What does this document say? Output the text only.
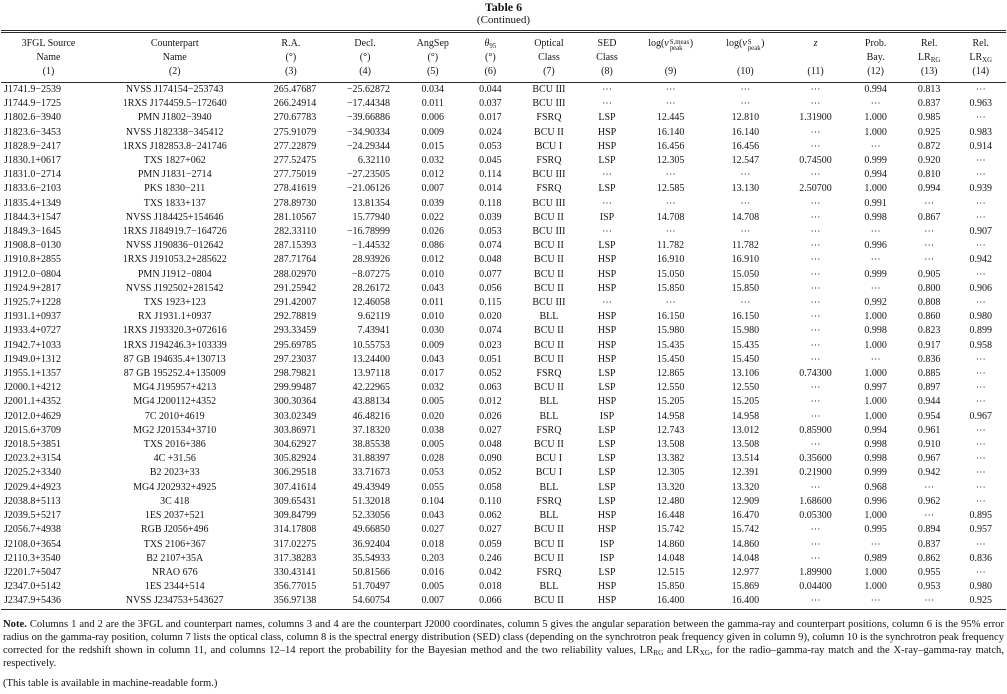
Table 6
(Continued)
3FGL Source
Name
(1)	Counterpart
Name
(2)	R.A.
(°)
(3)	Decl.
(°)
(4)	AngSep
(°)
(5)	$\theta_{95}$
(°)
(6)	Optical
Class
(7)	SED
Class
(8)	log(ν S,meas
peak )
(9)	log(ν S
peak )
(10)	z
(11)	Prob.
Bay.
(12)	Rel.
$LR_{RG}$
(13)	Rel.
$LR_{XG}$
(14)

J1741.9−2539	NVSS J174154−253743	265.47687	−25.62872	0.034	0.044	BCU III	⋯	⋯	⋯	⋯	0.994	0.813	⋯
J1744.9−1725	1RXS J174459.5−172640	266.24914	−17.44348	0.011	0.037	BCU III	⋯	⋯	⋯	⋯	⋯	0.837	0.963
J1802.6−3940	PMN J1802−3940	270.67783	−39.66886	0.006	0.017	FSRQ	LSP	12.445	12.810	1.31900	1.000	0.985	⋯
J1823.6−3453	NVSS J182338−345412	275.91079	−34.90334	0.009	0.024	BCU II	HSP	16.140	16.140	⋯	1.000	0.925	0.983
J1828.9−2417	1RXS J182853.8−241746	277.22879	−24.29344	0.015	0.053	BCU I	HSP	16.456	16.456	⋯	⋯	0.872	0.914
J1830.1+0617	TXS 1827+062	277.52475	6.32110	0.032	0.045	FSRQ	LSP	12.305	12.547	0.74500	0.999	0.920	⋯
J1831.0−2714	PMN J1831−2714	277.75019	−27.23505	0.012	0.114	BCU III	⋯	⋯	⋯	⋯	0.994	0.810	⋯
J1833.6−2103	PKS 1830−211	278.41619	−21.06126	0.007	0.014	FSRQ	LSP	12.585	13.130	2.50700	1.000	0.994	0.939
J1835.4+1349	TXS 1833+137	278.89730	13.81354	0.039	0.118	BCU III	⋯	⋯	⋯	⋯	0.991	⋯	⋯
J1844.3+1547	NVSS J184425+154646	281.10567	15.77940	0.022	0.039	BCU II	ISP	14.708	14.708	⋯	0.998	0.867	⋯
J1849.3−1645	1RXS J184919.7−164726	282.33110	−16.78999	0.026	0.053	BCU III	⋯	⋯	⋯	⋯	⋯	⋯	0.907
J1908.8−0130	NVSS J190836−012642	287.15393	−1.44532	0.086	0.074	BCU II	LSP	11.782	11.782	⋯	0.996	⋯	⋯
J1910.8+2855	1RXS J191053.2+285622	287.71764	28.93926	0.012	0.048	BCU II	HSP	16.910	16.910	⋯	⋯	⋯	0.942
J1912.0−0804	PMN J1912−0804	288.02970	−8.07275	0.010	0.077	BCU II	HSP	15.050	15.050	⋯	0.999	0.905	⋯
J1924.9+2817	NVSS J192502+281542	291.25942	28.26172	0.043	0.056	BCU II	HSP	15.850	15.850	⋯	⋯	0.800	0.906
J1925.7+1228	TXS 1923+123	291.42007	12.46058	0.011	0.115	BCU III	⋯	⋯	⋯	⋯	0.992	0.808	⋯
J1931.1+0937	RX J1931.1+0937	292.78819	9.62119	0.010	0.020	BLL	HSP	16.150	16.150	⋯	1.000	0.860	0.980
J1933.4+0727	1RXS J193320.3+072616	293.33459	7.43941	0.030	0.074	BCU II	HSP	15.980	15.980	⋯	0.998	0.823	0.899
J1942.7+1033	1RXS J194246.3+103339	295.69785	10.55753	0.009	0.023	BCU II	HSP	15.435	15.435	⋯	1.000	0.917	0.958
J1949.0+1312	87 GB 194635.4+130713	297.23037	13.24400	0.043	0.051	BCU II	HSP	15.450	15.450	⋯	⋯	0.836	⋯
J1955.1+1357	87 GB 195252.4+135009	298.79821	13.97118	0.017	0.052	FSRQ	LSP	12.865	13.106	0.74300	1.000	0.885	⋯
J2000.1+4212	MG4 J195957+4213	299.99487	42.22965	0.032	0.063	BCU II	LSP	12.550	12.550	⋯	0.997	0.897	⋯
J2001.1+4352	MG4 J200112+4352	300.30364	43.88134	0.005	0.012	BLL	HSP	15.205	15.205	⋯	1.000	0.944	⋯
J2012.0+4629	7C 2010+4619	303.02349	46.48216	0.020	0.026	BLL	ISP	14.958	14.958	⋯	1.000	0.954	0.967
J2015.6+3709	MG2 J201534+3710	303.86971	37.18320	0.038	0.027	FSRQ	LSP	12.743	13.012	0.85900	0.994	0.961	⋯
J2018.5+3851	TXS 2016+386	304.62927	38.85538	0.005	0.048	BCU II	LSP	13.508	13.508	⋯	0.998	0.910	⋯
J2023.2+3154	4C +31.56	305.82924	31.88397	0.028	0.090	BCU I	LSP	13.382	13.514	0.35600	0.998	0.967	⋯
J2025.2+3340	B2 2023+33	306.29518	33.71673	0.053	0.052	BCU I	LSP	12.305	12.391	0.21900	0.999	0.942	⋯
J2029.4+4923	MG4 J202932+4925	307.41614	49.43949	0.055	0.058	BLL	LSP	13.320	13.320	⋯	0.968	⋯	⋯
J2038.8+5113	3C 418	309.65431	51.32018	0.104	0.110	FSRQ	LSP	12.480	12.909	1.68600	0.996	0.962	⋯
J2039.5+5217	1ES 2037+521	309.84799	52.33056	0.043	0.062	BLL	HSP	16.448	16.470	0.05300	1.000	⋯	0.895
J2056.7+4938	RGB J2056+496	314.17808	49.66850	0.027	0.027	BCU II	HSP	15.742	15.742	⋯	0.995	0.894	0.957
J2108.0+3654	TXS 2106+367	317.02275	36.92404	0.018	0.059	BCU II	ISP	14.860	14.860	⋯	⋯	0.837	⋯
J2110.3+3540	B2 2107+35A	317.38283	35.54933	0.203	0.246	BCU II	ISP	14.048	14.048	⋯	0.989	0.862	0.836
J2201.7+5047	NRAO 676	330.43141	50.81566	0.016	0.042	FSRQ	LSP	12.515	12.977	1.89900	1.000	0.955	⋯
J2347.0+5142	1ES 2344+514	356.77015	51.70497	0.005	0.018	BLL	HSP	15.850	15.869	0.04400	1.000	0.953	0.980
J2347.9+5436	NVSS J234753+543627	356.97138	54.60754	0.007	0.066	BCU II	HSP	16.400	16.400	⋯	⋯	⋯	0.925

Note. Columns 1 and 2 are the 3FGL and counterpart names, columns 3 and 4 are the counterpart J2000 coordinates, column 5 gives the angular separation between the gamma-ray and counterpart positions, column 6 is the 95% error radius on the gamma-ray position, column 7 lists the optical class, column 8 is the spectral energy distribution (SED) class (depending on the synchrotron peak frequency given in column 9), column 10 is the synchrotron peak frequency corrected for the redshift shown in column 11, and columns 12–14 report the probability for the Bayesian method and the two reliability values, $LR_{RG}$ and $LR_{XG}$, for the radio–gamma-ray match and the X-ray–gamma-ray match, respectively.

(This table is available in machine-readable form.)
